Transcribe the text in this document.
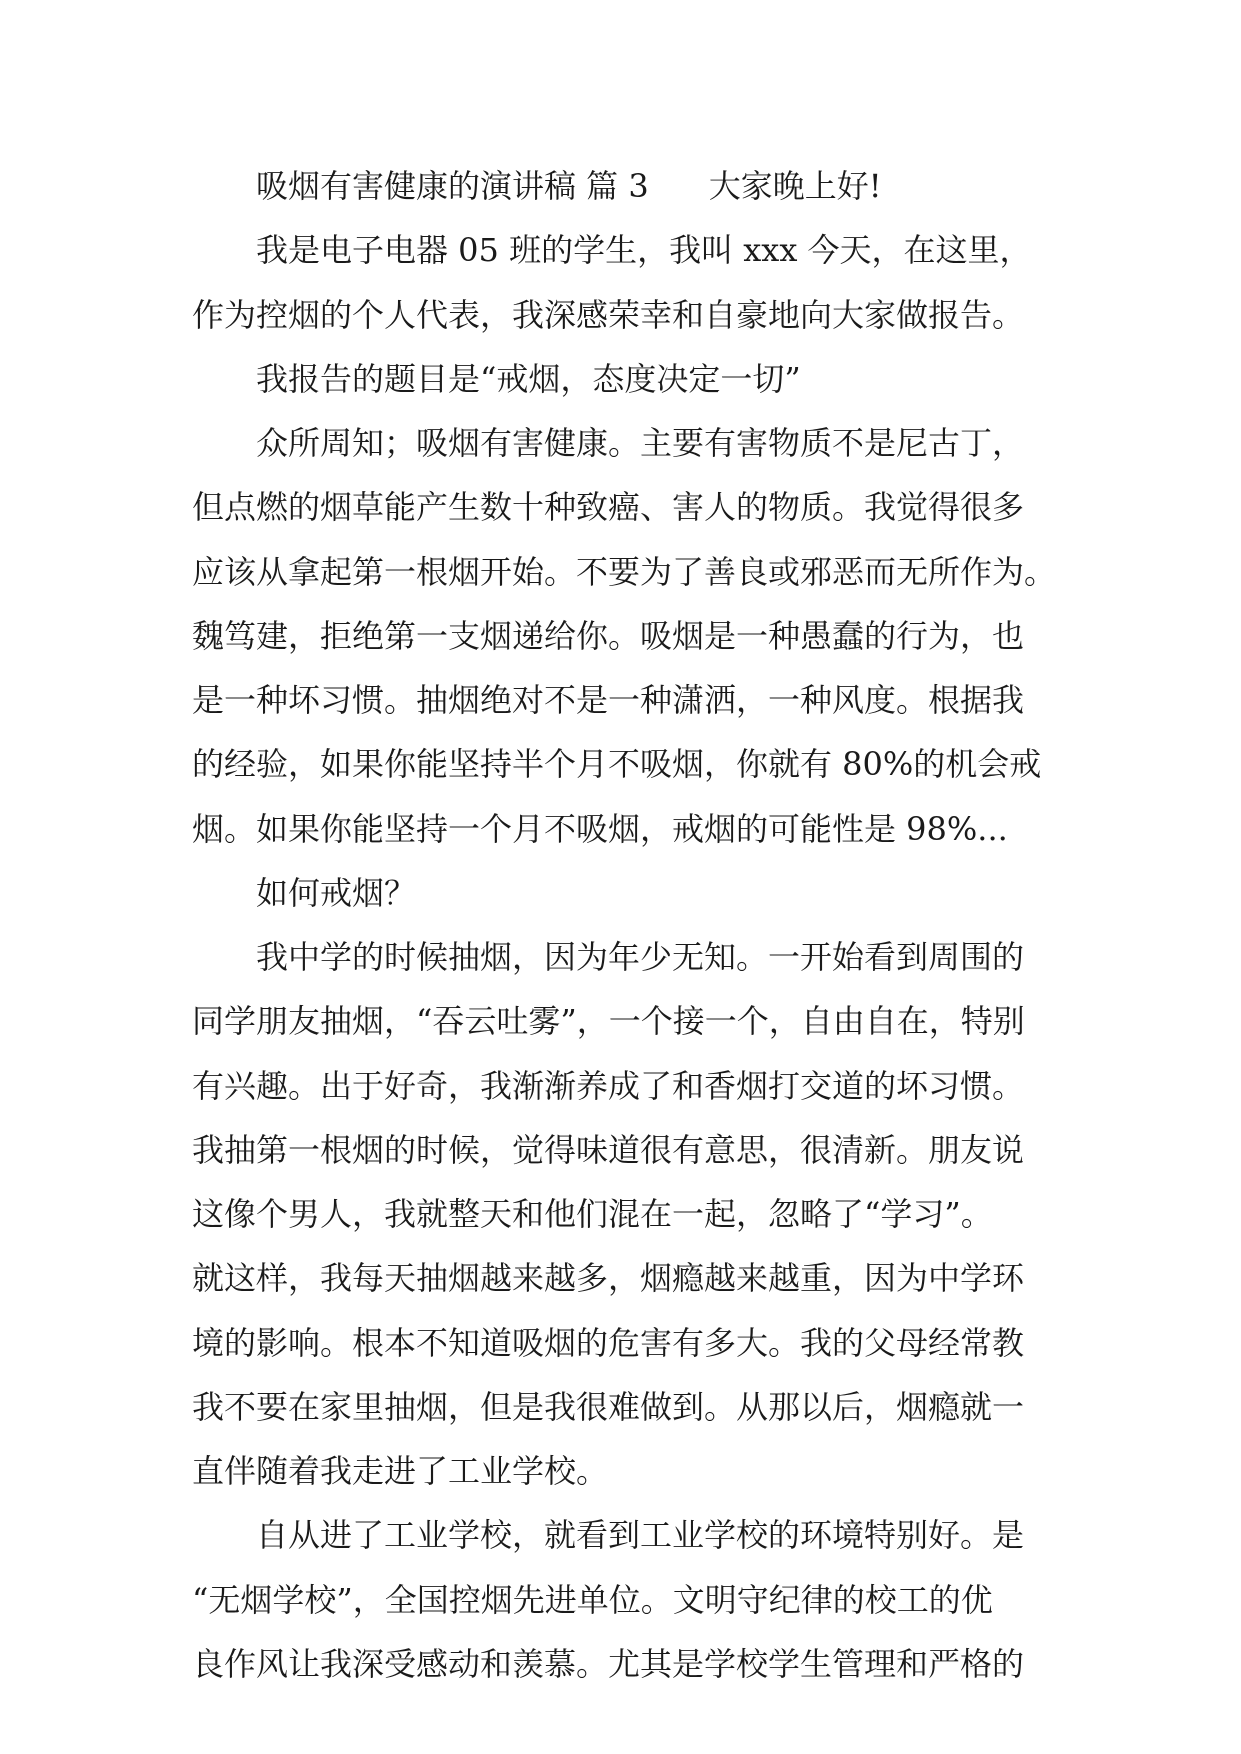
吸烟有害健康的演讲稿 篇 3 大家晚上好!
我是电子电器 05 班的学生，我叫 xxx 今天，在这里，
作为控烟的个人代表，我深感荣幸和自豪地向大家做报告。
我报告的题目是“戒烟，态度决定一切”
众所周知；吸烟有害健康。主要有害物质不是尼古丁，
但点燃的烟草能产生数十种致癌、害人的物质。我觉得很多
应该从拿起第一根烟开始。不要为了善良或邪恶而无所作为。
魏笃建，拒绝第一支烟递给你。吸烟是一种愚蠢的行为，也
是一种坏习惯。抽烟绝对不是一种潇洒，一种风度。根据我
的经验，如果你能坚持半个月不吸烟，你就有 80%的机会戒
烟。如果你能坚持一个月不吸烟，戒烟的可能性是 98%...
如何戒烟？
我中学的时候抽烟，因为年少无知。一开始看到周围的
同学朋友抽烟，“吞云吐雾”，一个接一个，自由自在，特别
有兴趣。出于好奇，我渐渐养成了和香烟打交道的坏习惯。
我抽第一根烟的时候，觉得味道很有意思，很清新。朋友说
这像个男人，我就整天和他们混在一起，忽略了“学习”。
就这样，我每天抽烟越来越多，烟瘾越来越重，因为中学环
境的影响。根本不知道吸烟的危害有多大。我的父母经常教
我不要在家里抽烟，但是我很难做到。从那以后，烟瘾就一
直伴随着我走进了工业学校。
自从进了工业学校，就看到工业学校的环境特别好。是
“无烟学校”，全国控烟先进单位。文明守纪律的校工的优
良作风让我深受感动和羡慕。尤其是学校学生管理和严格的
